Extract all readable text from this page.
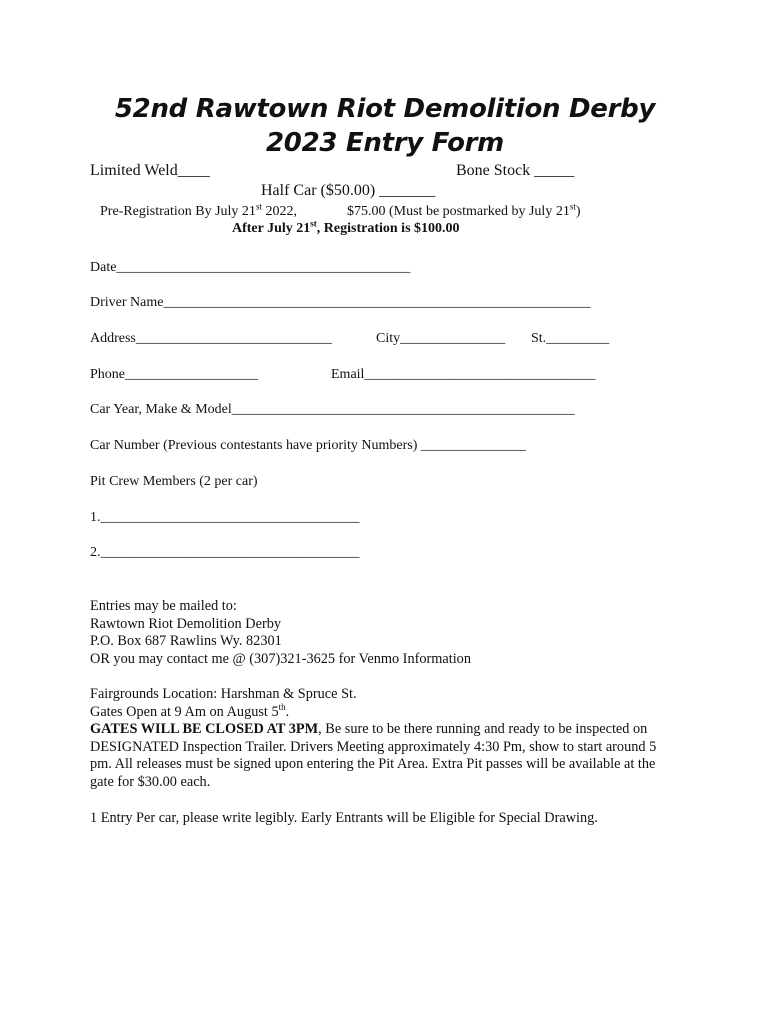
52nd Rawtown Riot Demolition Derby
2023 Entry Form
Limited Weld____	Bone Stock _____
Half Car ($50.00) _______
Pre-Registration By July 21st 2022,	$75.00 (Must be postmarked by July 21st)
After July 21st, Registration is $100.00
Date__________________________________________
Driver Name_____________________________________________________________
Address____________________________	City_______________ St._________
Phone___________________	Email_________________________________
Car Year, Make & Model_________________________________________________
Car Number (Previous contestants have priority Numbers) _______________
Pit Crew Members (2 per car)
1._____________________________________
2._____________________________________
Entries may be mailed to:
Rawtown Riot Demolition Derby
P.O. Box 687 Rawlins Wy. 82301
OR you may contact me @ (307)321-3625 for Venmo Information
Fairgrounds Location: Harshman & Spruce St.
Gates Open at 9 Am on August 5th.
GATES WILL BE CLOSED AT 3PM, Be sure to be there running and ready to be inspected on DESIGNATED Inspection Trailer. Drivers Meeting approximately 4:30 Pm, show to start around 5 pm. All releases must be signed upon entering the Pit Area. Extra Pit passes will be available at the gate for $30.00 each.
1 Entry Per car, please write legibly. Early Entrants will be Eligible for Special Drawing.
